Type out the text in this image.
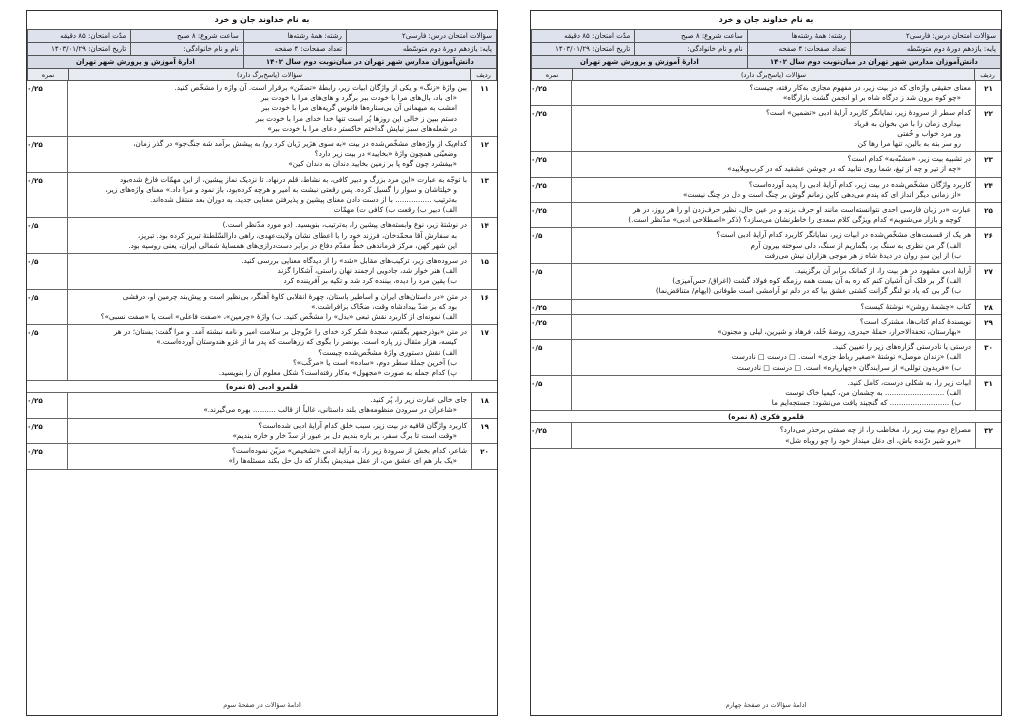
به نام خداوند جان و خرد
سؤالات امتحان درس: فارسی۲	رشته: همهٔ رشته‌ها	ساعت شروع: ۸ صبح	مدّت امتحان: ۸۵ دقیقه
پایه: یازدهم دورهٔ دوم متوسّطه	تعداد صفحات: ۴ صفحه	نام و نام خانوادگی:	تاریخ امتحان: ۱۴۰۳/۰۱/۲۹
دانش‌آموزان مدارس شهر تهران در میان‌نوبت دوم سال ۱۴۰۲		ادارهٔ آموزش و پرورش شهر تهران	
ردیف
سؤالات (پاسخ‌برگ دارد)
نمره
۱۱
بین واژهٔ «زنگ» و یکی از واژگان ابیات زیر، رابطهٔ «تضمّن» برقرار است. آن واژه را مشخّص کنید.
«ای باد، بال‌های مرا با خودت ببر برگرد و های‌های مرا با خودت ببر
امشب به میهمانی آن بی‌ستاره‌ها فانوس گریه‌های مرا با خودت ببر
دستم ببین ز خالی این روزها پُر است تنها خدا خدای مرا با خودت ببر
در شعله‌های سبز نیایش گداختم خاکستر دعای مرا با خودت ببر»
۰/۲۵
۱۲
کدام‌یک از واژه‌های مشخّص‌شده در بیت «به سوی هژیر ژیان کرد رو/ به پیشش برآمد شه جنگ‌جو» در گذر زمان،
وضعیّتی همچون واژهٔ «بخایید» در بیت زیر دارد؟
«بیفشرد چون گوه پا بر زمین بخایید دندان به دندان کین»
۰/۲۵
۱۳
با توجّه به عبارت «این مرد بزرگ و دبیر کافی، به نشاط، قلم درنهاد. تا نزدیک نماز پیشین، از این مهمّات فارغ شده‌بود
و خیلتاشان و سوار را گسیل کرده. پس رقعتی نبشت به امیر و هرچه کرده‌بود، باز نمود و مرا داد.» معنای واژه‌های زیر،
به‌ترتیب ................ با از دست دادن معنای پیشین و پذیرفتن معنایی جدید، به دوران بعد منتقل شده‌اند.
الف) دبیر ب) رقعت ب) کافی ت) مهمّات
۰/۲۵
۱۴
در نوشتهٔ زیر، نوع وابسته‌های پیشین را، به‌ترتیب، بنویسید. (دو مورد مدّنظر است.)
به سفارش آقا محمّدخان، فرزند خود را با اعطای نشان ولایت‌عهدی، راهی دارالسّلطنهٔ تبریز کرده بود. تبریز،
این شهر کهن، مرکز فرماندهی خطّ مقدّم دفاع در برابر دست‌درازی‌های همسایهٔ شمالی ایران، یعنی روسیه بود.
۰/۵
۱۵
در سروده‌های زیر، ترکیب‌های مقابل «شد» را از دیدگاه معنایی بررسی کنید.
الف) هنر خوار شد، جادویی ارجمند نهان راستی، آشکارا گزند
ب) یقین مرد را دیده، بیننده کرد شد و تکیه بر آفریننده کرد
۰/۵
۱۶
در متن «در داستان‌های ایران و اساطیر باستان، چهرهٔ انقلابی کاوهٔ آهنگر، بی‌نظیر است و پیش‌بند چرمین او، درفشی
بود که بر ضدّ بیدادشاه وقت، ضحّاک برافراشت.»
الف) نمونه‌ای از کاربرد نقش تبعی «بدل» را مشخّص کنید. ب) واژهٔ «چرمین»، «صفت فاعلی» است یا «صفت نسبی»؟
۰/۵
۱۷
در متن «بوذرجمهر بگفتم، سجدهٔ شکر کرد خدای را عزّوجل بر سلامت امیر و نامه نبشته آمد. و مرا گفت: بستان؛ در هر
کیسه، هزار مثقال زر پاره است. بونصر را بگوی که زرهاست که پدر ما از غزو هندوستان آورده‌است.»
الف) نقش دستوری واژهٔ مشخّص‌شده چیست؟
ب) آخرین جملهٔ سطر دوم، «ساده» است یا «مرکّب»؟
پ) کدام جمله به صورت «مجهول» به‌کار رفته‌است؟ شکل معلوم آن را بنویسید.
۰/۵
قلمرو ادبی (۵ نمره)
۱۸
جای خالی عبارت زیر را، پُر کنید.
«شاعران در سرودن منظومه‌های بلند داستانی، غالباً از قالب .......... بهره می‌گیرند.»
۰/۲۵
۱۹
کاربرد واژگان قافیه در بیت زیر، سبب خلق کدام آرایهٔ ادبی شده‌است؟
«وقت است تا برگ سفر، بر باره بندیم دل بر عبور از سدّ خار و خاره بندیم»
۰/۲۵
۲۰
شاعر، کدام بخش از سرودهٔ زیر را، به آرایهٔ ادبی «تشخیص» مزیّن نموده‌است؟
«یک بار هم ای عشق من، از عقل میندیش بگذار که دل حل بکند مسئله‌ها را»
۰/۲۵
ادامهٔ سؤالات در صفحهٔ سوم
به نام خداوند جان و خرد
سؤالات امتحان درس: فارسی۲	رشته: همهٔ رشته‌ها	ساعت شروع: ۸ صبح	مدّت امتحان: ۸۵ دقیقه
پایه: یازدهم دورهٔ دوم متوسّطه	تعداد صفحات: ۴ صفحه	نام و نام خانوادگی:	تاریخ امتحان: ۱۴۰۳/۰۱/۲۹
دانش‌آموزان مدارس شهر تهران در میان‌نوبت دوم سال ۱۴۰۲		ادارهٔ آموزش و پرورش شهر تهران	
ردیف
سؤالات (پاسخ‌برگ دارد)
نمره
۲۱
معنای حقیقی واژه‌ای که در بیت زیر، در مفهوم مجازی به‌کار رفته، چیست؟
«چو کوه برون شد ز درگاه شاه بر او انجمن گشت بازارگاه»
۰/۲۵
۲۲
کدام سطر از سرودهٔ زیر، نمایانگر کاربرد آرایهٔ ادبی «تضمین» است؟
بیداری زمان را با من بخوان به فریاد
ور مرد خواب و خُفتی
رو سر بنه به بالین، تنها مرا رها کن
۰/۲۵
۲۳
در تشبیه بیت زیر، «مشبّه‌به» کدام است؟
«چه از تیر و چه از تیغ، شما روی نتابید که در جوشن عشقید که در کرب‌وبلایید»
۰/۲۵
۲۴
کاربرد واژگان مشخّص‌شده در بیت زیر، کدام آرایهٔ ادبی را پدید آورده‌است؟
«از زمانی دیگر انداز ای که پندم می‌دهی کاین زمانم گوش بر چنگ است و دل در چنگ نیست»
۰/۲۵
۲۵
عبارت «در زبان فارسی احدی نتوانسته‌است مانند او حرف بزند و در عین حال، نظیر حرف‌زدن او را هر روز، در هر
کوچه و بازار می‌شنویم» کدام ویژگی کلام سعدی را خاطرنشان می‌سازد؟ (ذکر «اصطلاحی ادبی» مدّنظر است.)
۰/۲۵
۲۶
هر یک از قسمت‌های مشخّص‌شده در ابیات زیر، نمایانگر کاربرد کدام آرایهٔ ادبی است؟
الف) گر من نظری به سنگ بر، بگماریم از سنگ، دلی سوخته بیرون آرم
ب) از این سدِ روان در دیدهٔ شاه ز هر موجی هزاران نیش می‌رفت
۰/۵
۲۷
آرایهٔ ادبی مشهود در هر بیت را، از کمانک برابر آن برگزینید.
الف) گر بر فلک آن آشیان کنم که ره به آن بست همه رزمگه کوه فولاد گشت (اغراق/ حس‌آمیزی)
ب) گر بی که یاد تو لنگر گرانت کشتی عشق بیا که در دلم تو آرامشی است طوفانی (ایهام/ متناقض‌نما)
۰/۵
۲۸
کتاب «چشمهٔ روشن» نوشتهٔ کیست؟
۰/۲۵
۲۹
نویسندهٔ کدام کتاب‌ها، مشترک است؟
«بهارستان، تحفة‌الاحرار، حملهٔ حیدری، روضهٔ خُلد، فرهاد و شیرین، لیلی و مجنون»
۰/۲۵
۳۰
درستی یا نادرستی گزاره‌های زیر را تعیین کنید.
الف) «زندان موصل» نوشتهٔ «صغیر رباط جزی» است. □ درست □ نادرست
ب) «فریدون توللی» از سرایندگان «چهارپاره» است. □ درست □ نادرست
۰/۵
۳۱
ابیات زیر را، به شکلی درست، کامل کنید.
الف) .......................... به چشمان من، کیمیا خاک توست
ب) .......................... که گنجیند یافت می‌نشود: جستجه‌ایم ما
۰/۵
قلمرو فکری (۸ نمره)
۳۲
مصراع دوم بیت زیر را، مخاطب را، از چه صفتی برحذر می‌دارد؟
«برو شیر درّنده باش، ای دغل مینداز خود را چو روباه شل»
۰/۲۵
ادامهٔ سؤالات در صفحهٔ چهارم
